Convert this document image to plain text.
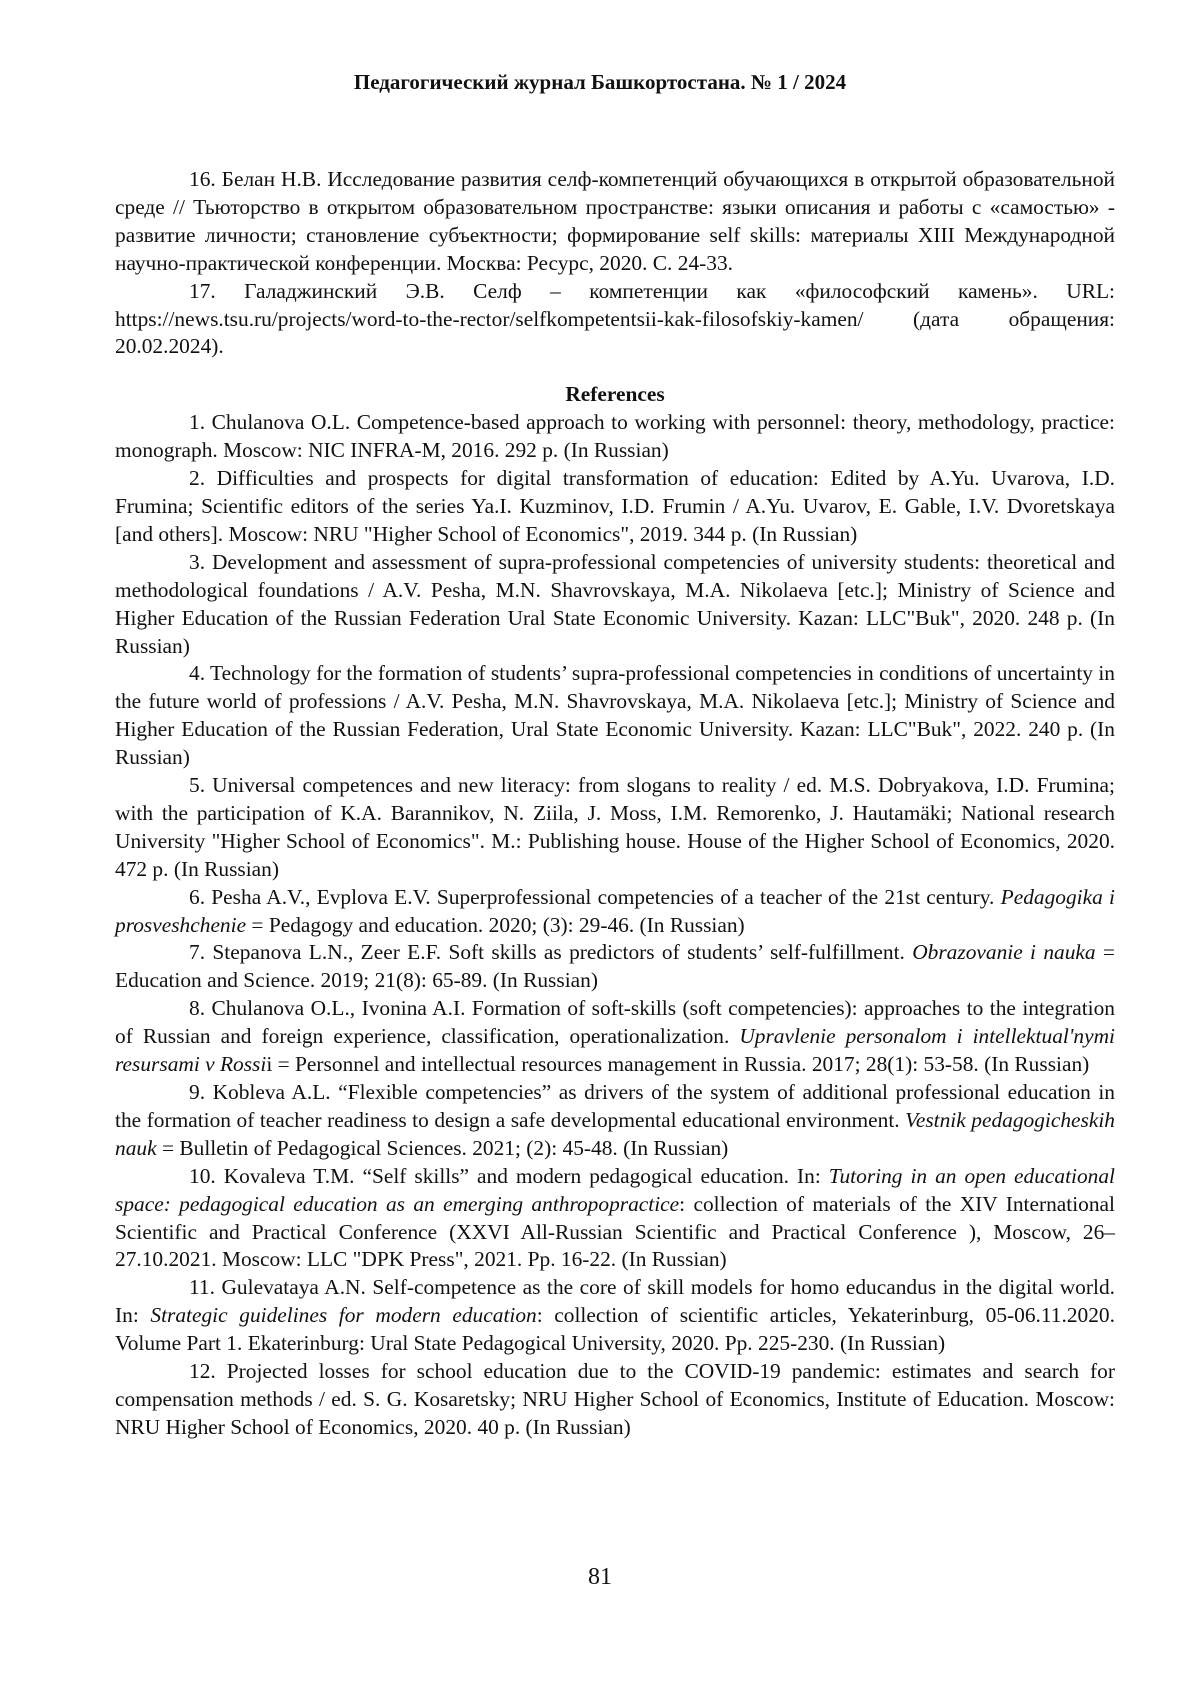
Педагогический журнал Башкортостана. № 1 / 2024

16. Белан Н.В. Исследование развития селф-компетенций обучающихся в открытой образовательной среде // Тьюторство в открытом образовательном пространстве: языки описания и работы с «самостью» - развитие личности; становление субъектности; формирование self skills: материалы XIII Международной научно-практической конференции. Москва: Ресурс, 2020. С. 24-33.

17. Галаджинский Э.В. Селф – компетенции как «философский камень». URL: https://news.tsu.ru/projects/word-to-the-rector/selfkompetentsii-kak-filosofskiy-kamen/ (дата обращения: 20.02.2024).

References

1. Chulanova O.L. Competence-based approach to working with personnel: theory, methodology, practice: monograph. Moscow: NIC INFRA-M, 2016. 292 p. (In Russian)

2. Difficulties and prospects for digital transformation of education: Edited by A.Yu. Uvarova, I.D. Frumina; Scientific editors of the series Ya.I. Kuzminov, I.D. Frumin / A.Yu. Uvarov, E. Gable, I.V. Dvoretskaya [and others]. Moscow: NRU "Higher School of Economics", 2019. 344 p. (In Russian)

3. Development and assessment of supra-professional competencies of university students: theoretical and methodological foundations / A.V. Pesha, M.N. Shavrovskaya, M.A. Nikolaeva [etc.]; Ministry of Science and Higher Education of the Russian Federation Ural State Economic University. Kazan: LLC"Buk", 2020. 248 p. (In Russian)

4. Technology for the formation of students’ supra-professional competencies in conditions of uncertainty in the future world of professions / A.V. Pesha, M.N. Shavrovskaya, M.A. Nikolaeva [etc.]; Ministry of Science and Higher Education of the Russian Federation, Ural State Economic University. Kazan: LLC"Buk", 2022. 240 p. (In Russian)

5. Universal competences and new literacy: from slogans to reality / ed. M.S. Dobryakova, I.D. Frumina; with the participation of K.A. Barannikov, N. Ziila, J. Moss, I.M. Remorenko, J. Hautamäki; National research University "Higher School of Economics". M.: Publishing house. House of the Higher School of Economics, 2020. 472 p. (In Russian)

6. Pesha A.V., Evplova E.V. Superprofessional competencies of a teacher of the 21st century. Pedagogika i prosveshchenie = Pedagogy and education. 2020; (3): 29-46. (In Russian)

7. Stepanova L.N., Zeer E.F. Soft skills as predictors of students’ self-fulfillment. Obrazovanie i nauka = Education and Science. 2019; 21(8): 65-89. (In Russian)

8. Chulanova O.L., Ivonina A.I. Formation of soft-skills (soft competencies): approaches to the integration of Russian and foreign experience, classification, operationalization. Upravlenie personalom i intellektual'nymi resursami v Rossii = Personnel and intellectual resources management in Russia. 2017; 28(1): 53-58. (In Russian)

9. Kobleva A.L. “Flexible competencies” as drivers of the system of additional professional education in the formation of teacher readiness to design a safe developmental educational environment. Vestnik pedagogicheskih nauk = Bulletin of Pedagogical Sciences. 2021; (2): 45-48. (In Russian)

10. Kovaleva T.M. “Self skills” and modern pedagogical education. In: Tutoring in an open educational space: pedagogical education as an emerging anthropopractice: collection of materials of the XIV International Scientific and Practical Conference (XXVI All-Russian Scientific and Practical Conference ), Moscow, 26–27.10.2021. Moscow: LLC "DPK Press", 2021. Pp. 16-22. (In Russian)

11. Gulevataya A.N. Self-competence as the core of skill models for homo educandus in the digital world. In: Strategic guidelines for modern education: collection of scientific articles, Yekaterinburg, 05-06.11.2020. Volume Part 1. Ekaterinburg: Ural State Pedagogical University, 2020. Pp. 225-230. (In Russian)

12. Projected losses for school education due to the COVID-19 pandemic: estimates and search for compensation methods / ed. S. G. Kosaretsky; NRU Higher School of Economics, Institute of Education. Moscow: NRU Higher School of Economics, 2020. 40 p. (In Russian)

81
